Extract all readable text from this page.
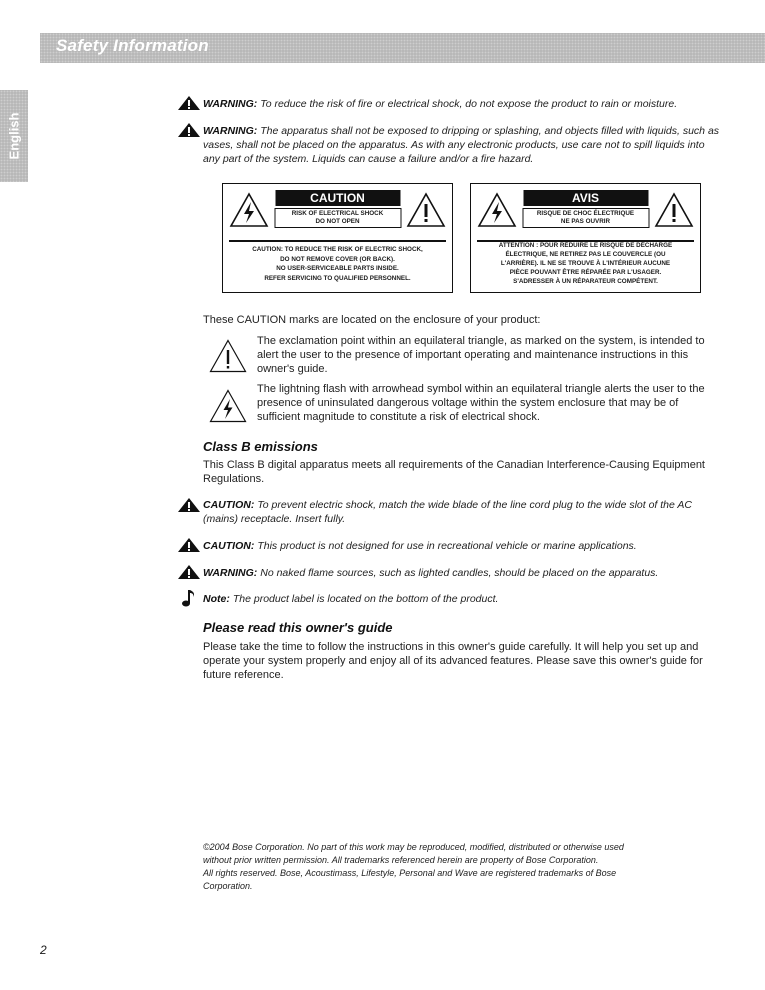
Safety Information
English
WARNING: To reduce the risk of fire or electrical shock, do not expose the product to rain or moisture.
WARNING: The apparatus shall not be exposed to dripping or splashing, and objects filled with liquids, such as vases, shall not be placed on the apparatus. As with any electronic products, use care not to spill liquids into any part of the system. Liquids can cause a failure and/or a fire hazard.
CAUTION
RISK OF ELECTRICAL SHOCK
DO NOT OPEN
CAUTION: TO REDUCE THE RISK OF ELECTRIC SHOCK,
DO NOT REMOVE COVER (OR BACK).
NO USER-SERVICEABLE PARTS INSIDE.
REFER SERVICING TO QUALIFIED PERSONNEL.
AVIS
RISQUE DE CHOC ÉLECTRIQUE
NE PAS OUVRIR
ATTENTION : POUR RÉDUIRE LE RISQUE DE DÉCHARGE
ÉLECTRIQUE, NE RETIREZ PAS LE COUVERCLE (OU
L'ARRIÈRE). IL NE SE TROUVE À L'INTÉRIEUR AUCUNE
PIÈCE POUVANT ÊTRE RÉPARÉE PAR L'USAGER.
S'ADRESSER À UN RÉPARATEUR COMPÉTENT.
These CAUTION marks are located on the enclosure of your product:
The exclamation point within an equilateral triangle, as marked on the system, is intended to alert the user to the presence of important operating and maintenance instructions in this owner's guide.
The lightning flash with arrowhead symbol within an equilateral triangle alerts the user to the presence of uninsulated dangerous voltage within the system enclosure that may be of sufficient magnitude to constitute a risk of electrical shock.
Class B emissions
This Class B digital apparatus meets all requirements of the Canadian Interference-Causing Equipment Regulations.
CAUTION: To prevent electric shock, match the wide blade of the line cord plug to the wide slot of the AC (mains) receptacle. Insert fully.
CAUTION: This product is not designed for use in recreational vehicle or marine applications.
WARNING: No naked flame sources, such as lighted candles, should be placed on the apparatus.
Note: The product label is located on the bottom of the product.
Please read this owner's guide
Please take the time to follow the instructions in this owner's guide carefully. It will help you set up and operate your system properly and enjoy all of its advanced features. Please save this owner's guide for future reference.
©2004 Bose Corporation. No part of this work may be reproduced, modified, distributed or otherwise used
without prior written permission. All trademarks referenced herein are property of Bose Corporation.
All rights reserved. Bose, Acoustimass, Lifestyle, Personal and Wave are registered trademarks of Bose
Corporation.
2
